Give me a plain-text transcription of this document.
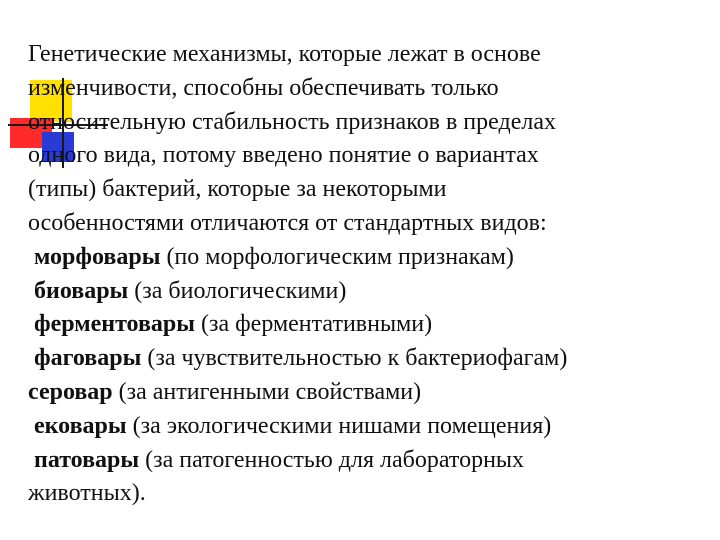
Генетические механизмы, которые лежат в основе
изменчивости, способны обеспечивать только
относительную стабильность признаков в пределах
одного вида, потому введено понятие о вариантах
(типы) бактерий, которые за некоторыми
особенностями отличаются от стандартных видов:
морфовары (по морфологическим признакам)
биовары (за биологическими)
ферментовары (за ферментативными)
фаговары (за чувствительностью к бактериофагам)
серовар (за антигенными свойствами)
ековары (за экологическими нишами помещения)
патовары (за патогенностью для лабораторных
животных).
